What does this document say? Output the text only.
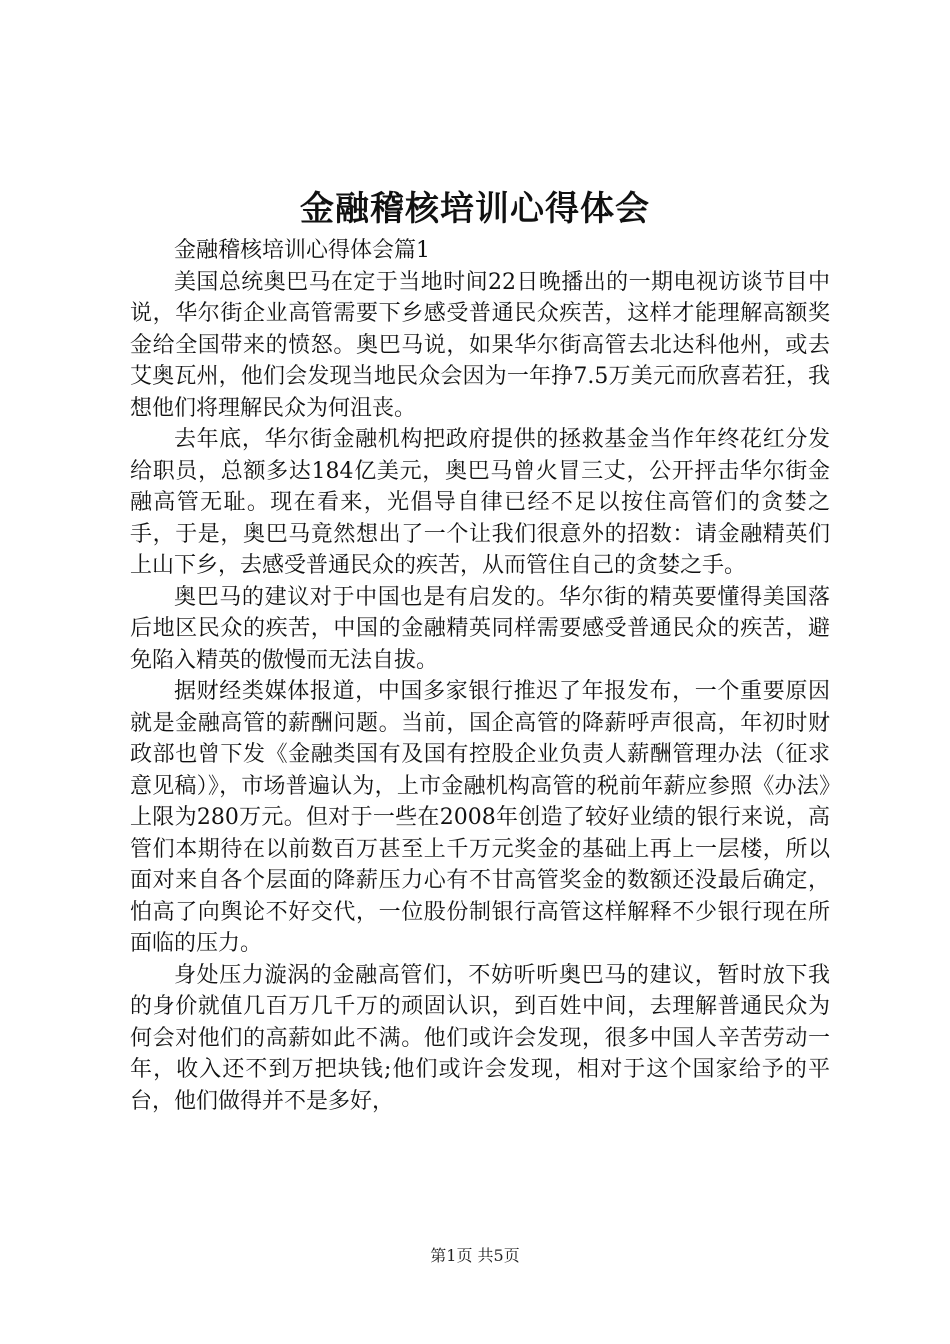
金融稽核培训心得体会

金融稽核培训心得体会篇1

美国总统奥巴马在定于当地时间22日晚播出的一期电视访谈节目中说，华尔街企业高管需要下乡感受普通民众疾苦，这样才能理解高额奖金给全国带来的愤怒。奥巴马说，如果华尔街高管去北达科他州，或去艾奥瓦州，他们会发现当地民众会因为一年挣7.5万美元而欣喜若狂，我想他们将理解民众为何沮丧。

去年底，华尔街金融机构把政府提供的拯救基金当作年终花红分发给职员，总额多达184亿美元，奥巴马曾火冒三丈，公开抨击华尔街金融高管无耻。现在看来，光倡导自律已经不足以按住高管们的贪婪之手，于是，奥巴马竟然想出了一个让我们很意外的招数：请金融精英们上山下乡，去感受普通民众的疾苦，从而管住自己的贪婪之手。

奥巴马的建议对于中国也是有启发的。华尔街的精英要懂得美国落后地区民众的疾苦，中国的金融精英同样需要感受普通民众的疾苦，避免陷入精英的傲慢而无法自拔。

据财经类媒体报道，中国多家银行推迟了年报发布，一个重要原因就是金融高管的薪酬问题。当前，国企高管的降薪呼声很高，年初时财政部也曾下发《金融类国有及国有控股企业负责人薪酬管理办法（征求意见稿）》，市场普遍认为，上市金融机构高管的税前年薪应参照《办法》上限为280万元。但对于一些在2008年创造了较好业绩的银行来说，高管们本期待在以前数百万甚至上千万元奖金的基础上再上一层楼，所以面对来自各个层面的降薪压力心有不甘高管奖金的数额还没最后确定，怕高了向舆论不好交代，一位股份制银行高管这样解释不少银行现在所面临的压力。

身处压力漩涡的金融高管们，不妨听听奥巴马的建议，暂时放下我的身价就值几百万几千万的顽固认识，到百姓中间，去理解普通民众为何会对他们的高薪如此不满。他们或许会发现，很多中国人辛苦劳动一年，收入还不到万把块钱;他们或许会发现，相对于这个国家给予的平台，他们做得并不是多好，

第1页 共5页
